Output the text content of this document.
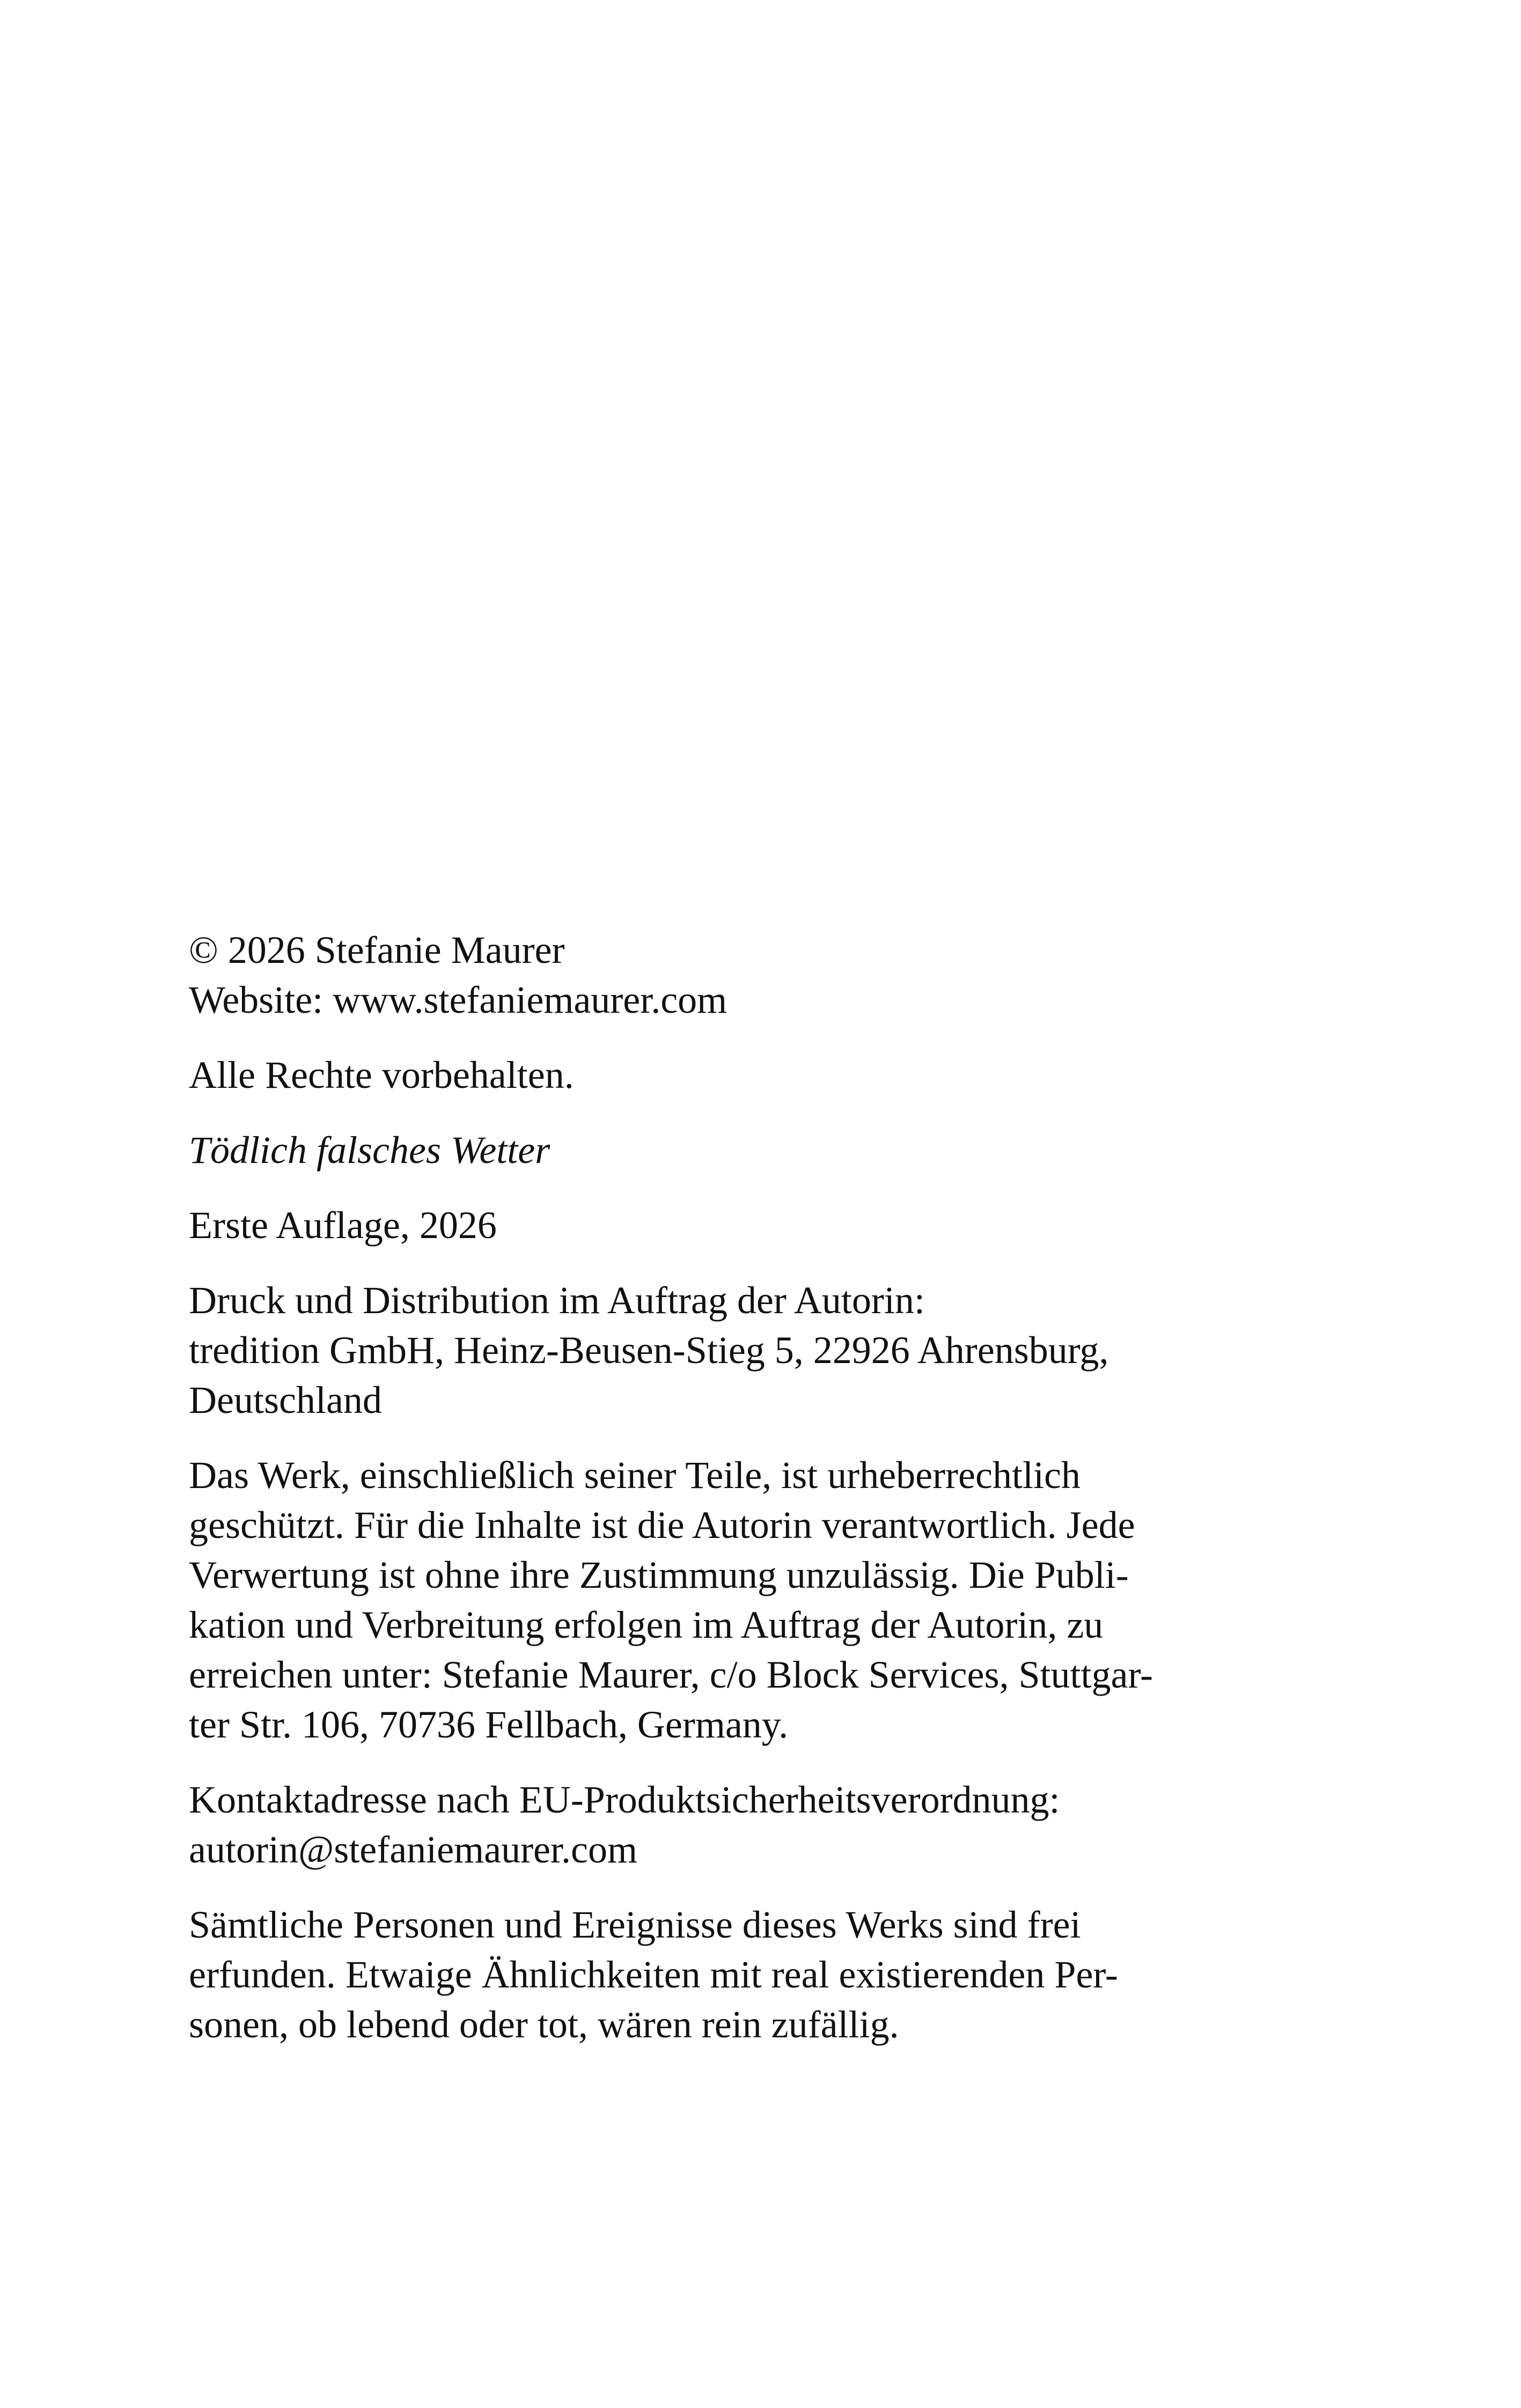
© 2026 Stefanie Maurer
Website: www.stefaniemaurer.com
Alle Rechte vorbehalten.
Tödlich falsches Wetter
Erste Auflage, 2026
Druck und Distribution im Auftrag der Autorin:
tredition GmbH, Heinz-Beusen-Stieg 5, 22926 Ahrensburg,
Deutschland
Das Werk, einschließlich seiner Teile, ist urheberrechtlich
geschützt. Für die Inhalte ist die Autorin verantwortlich. Jede
Verwertung ist ohne ihre Zustimmung unzulässig. Die Publi-
kation und Verbreitung erfolgen im Auftrag der Autorin, zu
erreichen unter: Stefanie Maurer, c/o Block Services, Stuttgar-
ter Str. 106, 70736 Fellbach, Germany.
Kontaktadresse nach EU-Produktsicherheitsverordnung:
autorin@stefaniemaurer.com
Sämtliche Personen und Ereignisse dieses Werks sind frei
erfunden. Etwaige Ähnlichkeiten mit real existierenden Per-
sonen, ob lebend oder tot, wären rein zufällig.
